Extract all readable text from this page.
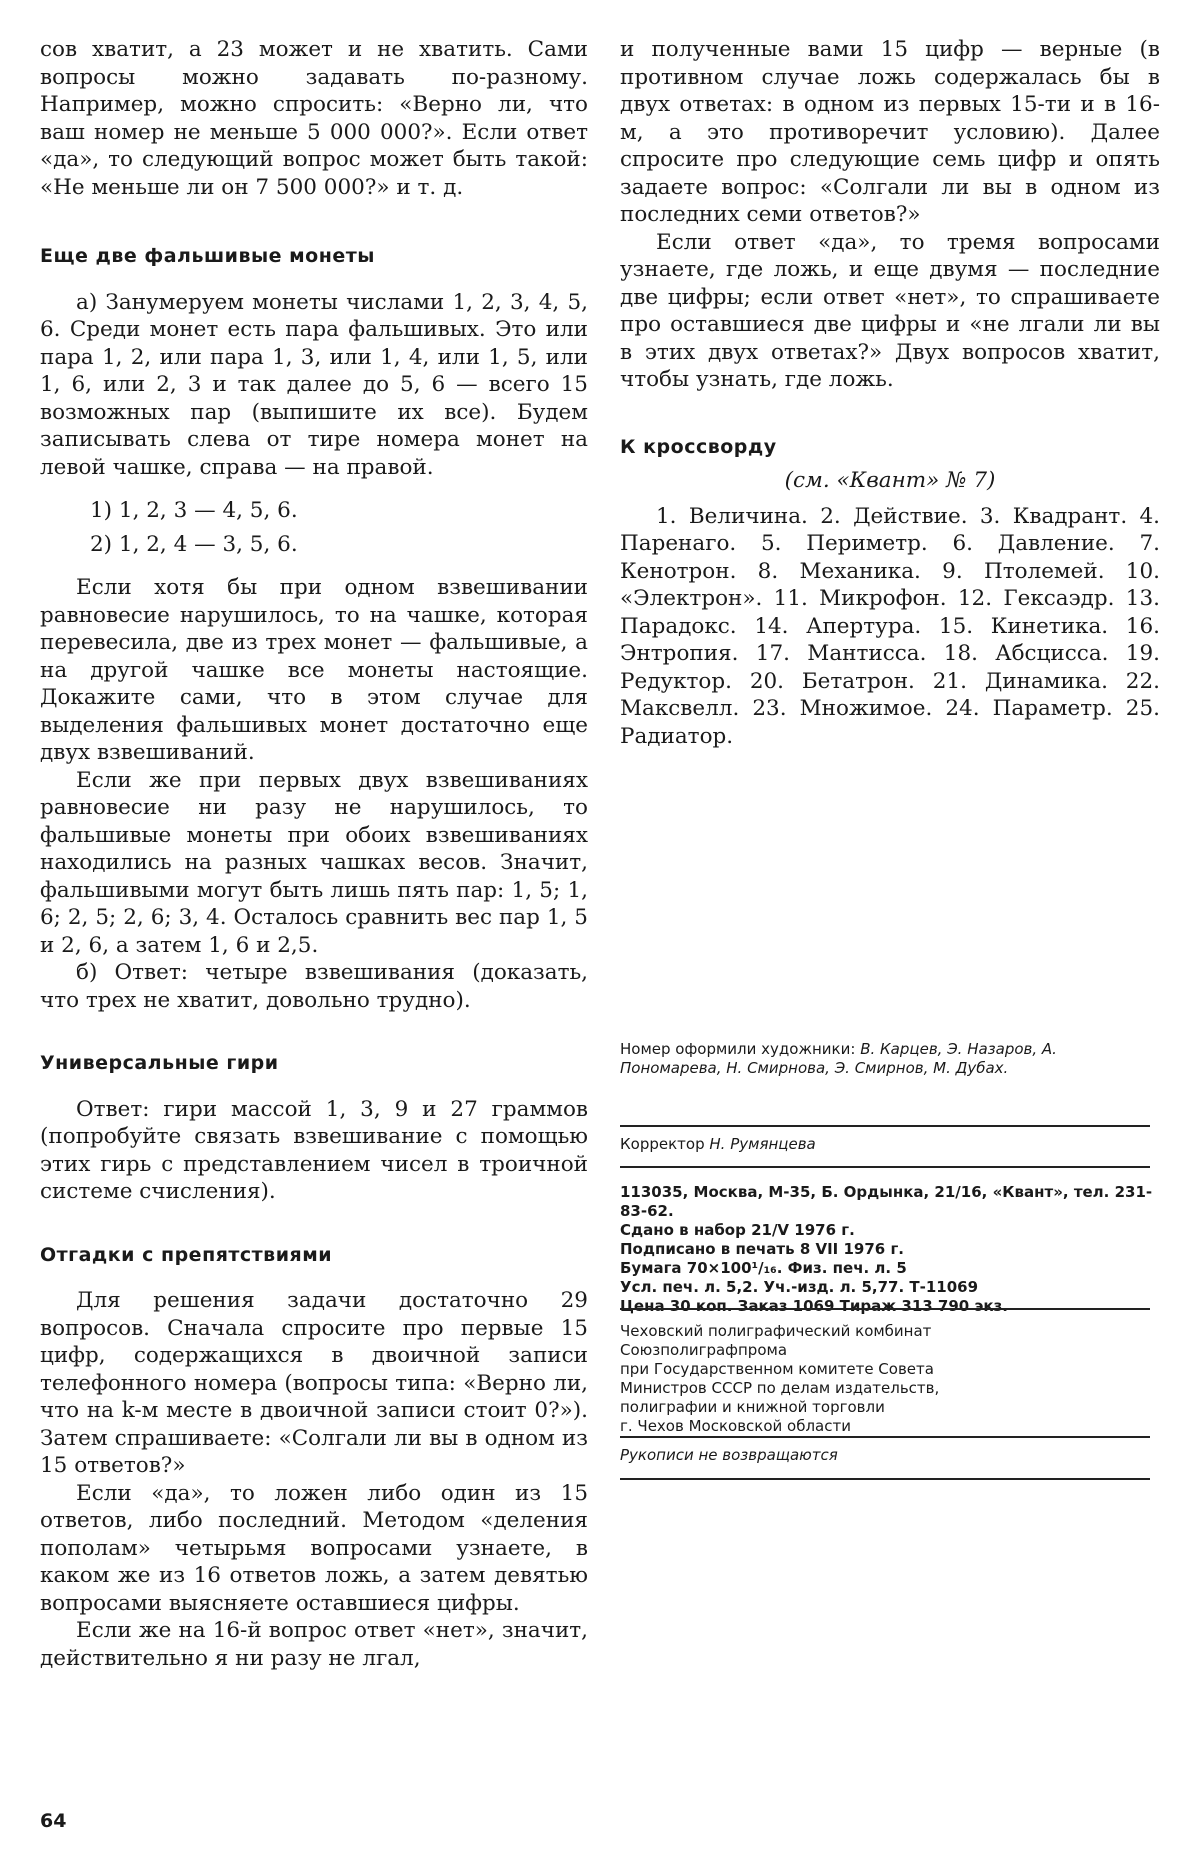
сов хватит, а 23 может и не хватить. Сами вопросы можно задавать по-разному. Например, можно спросить: «Верно ли, что ваш номер не меньше 5 000 000?». Если ответ «да», то следующий вопрос может быть такой: «Не меньше ли он 7 500 000?» и т. д.

Еще две фальшивые монеты

а) Занумеруем монеты числами 1, 2, 3, 4, 5, 6. Среди монет есть пара фальшивых. Это или пара 1, 2, или пара 1, 3, или 1, 4, или 1, 5, или 1, 6, или 2, 3 и так далее до 5, 6 — всего 15 возможных пар (выпишите их все). Будем записывать слева от тире номера монет на левой чашке, справа — на правой.

1) 1, 2, 3 — 4, 5, 6.

2) 1, 2, 4 — 3, 5, 6.

Если хотя бы при одном взвешивании равновесие нарушилось, то на чашке, которая перевесила, две из трех монет — фальшивые, а на другой чашке все монеты настоящие. Докажите сами, что в этом случае для выделения фальшивых монет достаточно еще двух взвешиваний.

Если же при первых двух взвешиваниях равновесие ни разу не нарушилось, то фальшивые монеты при обоих взвешиваниях находились на разных чашках весов. Значит, фальшивыми могут быть лишь пять пар: 1, 5; 1, 6; 2, 5; 2, 6; 3, 4. Осталось сравнить вес пар 1, 5 и 2, 6, а затем 1, 6 и 2,5.

б) Ответ: четыре взвешивания (доказать, что трех не хватит, довольно трудно).

Универсальные гири

Ответ: гири массой 1, 3, 9 и 27 граммов (попробуйте связать взвешивание с помощью этих гирь с представлением чисел в троичной системе счисления).

Отгадки с препятствиями

Для решения задачи достаточно 29 вопросов. Сначала спросите про первые 15 цифр, содержащихся в двоичной записи телефонного номера (вопросы типа: «Верно ли, что на k-м месте в двоичной записи стоит 0?»). Затем спрашиваете: «Солгали ли вы в одном из 15 ответов?»

Если «да», то ложен либо один из 15 ответов, либо последний. Методом «деления пополам» четырьмя вопросами узнаете, в каком же из 16 ответов ложь, а затем девятью вопросами выясняете оставшиеся цифры.

Если же на 16-й вопрос ответ «нет», значит, действительно я ни разу не лгал,

и полученные вами 15 цифр — верные (в противном случае ложь содержалась бы в двух ответах: в одном из первых 15-ти и в 16-м, а это противоречит условию). Далее спросите про следующие семь цифр и опять задаете вопрос: «Солгали ли вы в одном из последних семи ответов?»

Если ответ «да», то тремя вопросами узнаете, где ложь, и еще двумя — последние две цифры; если ответ «нет», то спрашиваете про оставшиеся две цифры и «не лгали ли вы в этих двух ответах?» Двух вопросов хватит, чтобы узнать, где ложь.

К кроссворду

(см. «Квант» № 7)

1. Величина. 2. Действие. 3. Квадрант. 4. Паренаго. 5. Периметр. 6. Давление. 7. Кенотрон. 8. Механика. 9. Птолемей. 10. «Электрон». 11. Микрофон. 12. Гексаэдр. 13. Парадокс. 14. Апертура. 15. Кинетика. 16. Энтропия. 17. Мантисса. 18. Абсцисса. 19. Редуктор. 20. Бетатрон. 21. Динамика. 22. Максвелл. 23. Множимое. 24. Параметр. 25. Радиатор.

Номер оформили художники: В. Карцев, Э. Назаров, А. Пономарева, Н. Смирнова, Э. Смирнов, М. Дубах.

Корректор Н. Румянцева

113035, Москва, М-35, Б. Ордынка, 21/16, «Квант», тел. 231-83-62.

Сдано в набор 21/V 1976 г.

Подписано в печать 8 VII 1976 г.

Бумага 70×100¹/₁₆. Физ. печ. л. 5

Усл. печ. л. 5,2. Уч.-изд. л. 5,77. Т-11069

Цена 30 коп. Заказ 1069 Тираж 313 790 экз.

Чеховский полиграфический комбинат

Союзполиграфпрома

при Государственном комитете Совета

Министров СССР по делам издательств,

полиграфии и книжной торговли

г. Чехов Московской области

Рукописи не возвращаются

64
